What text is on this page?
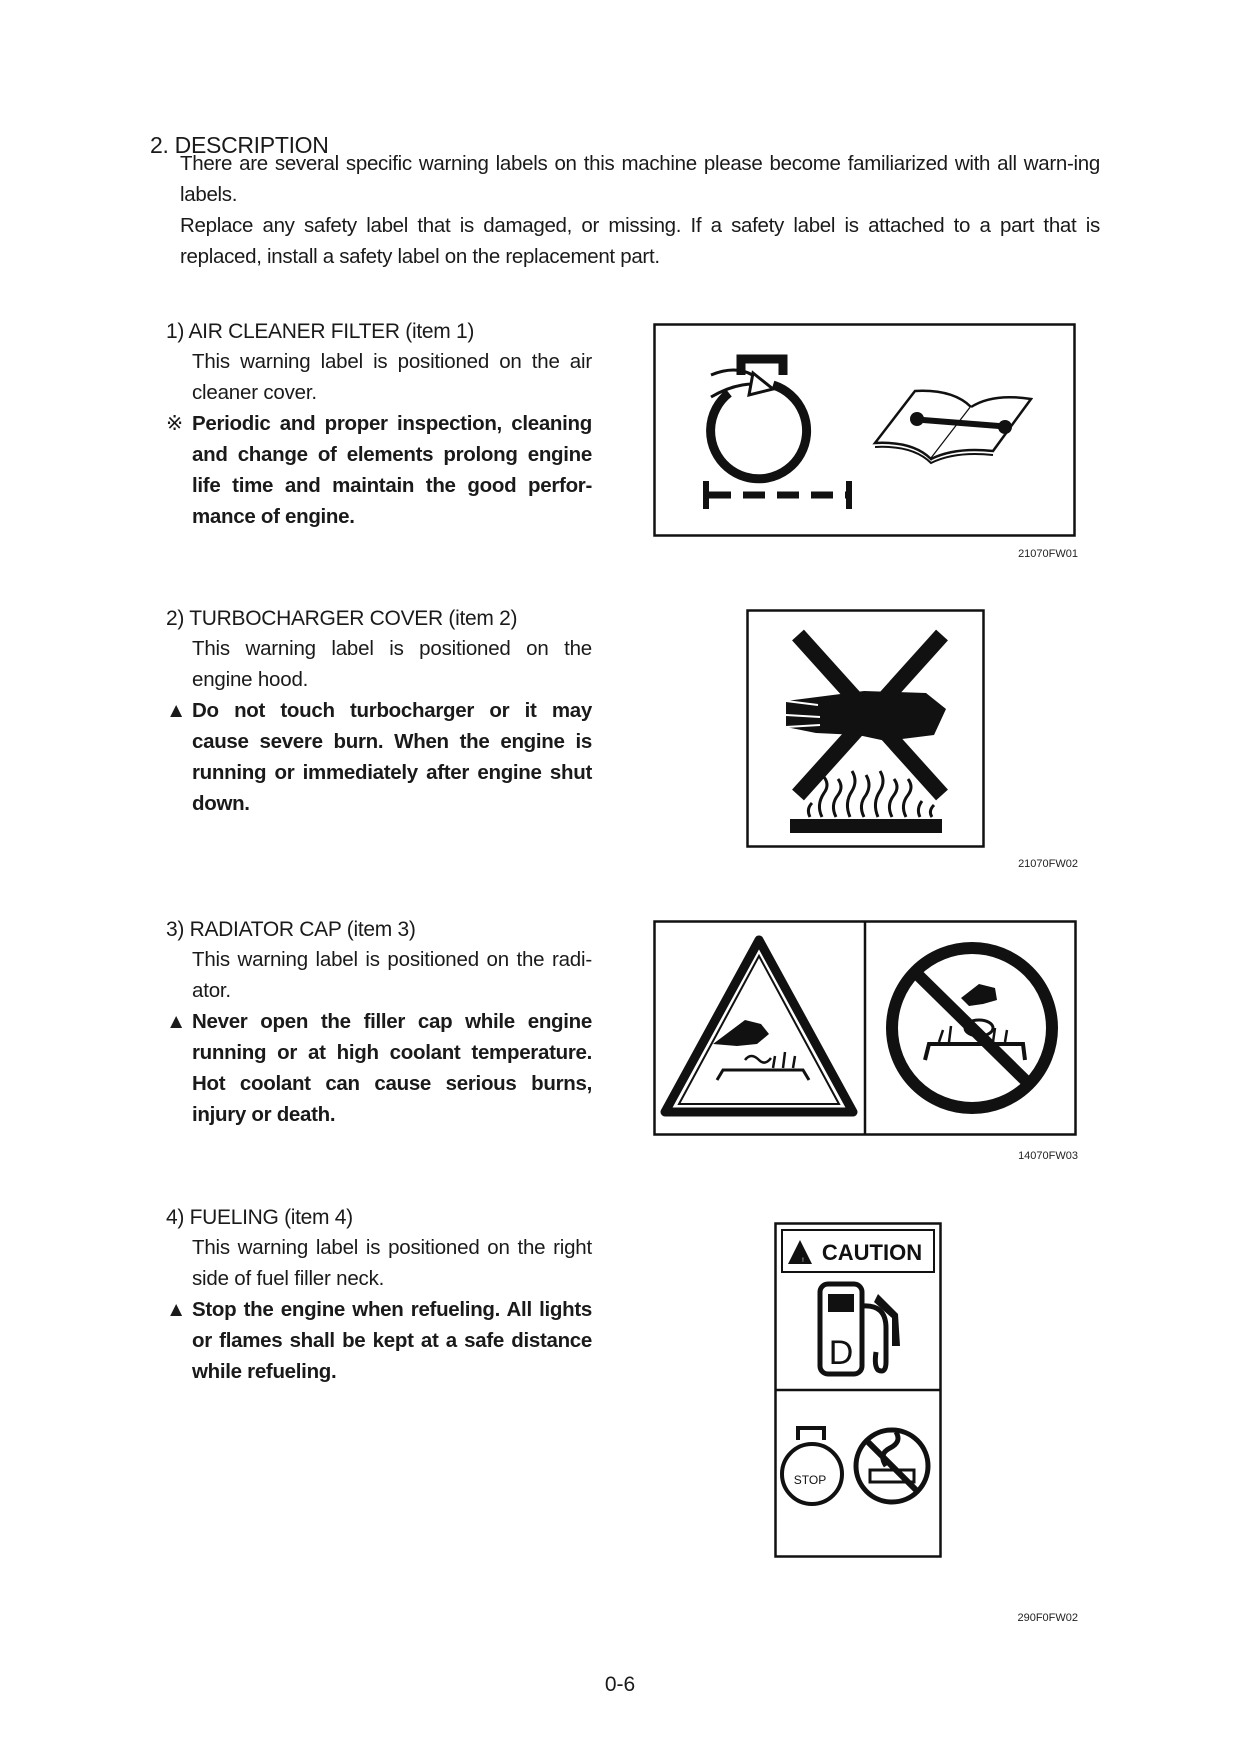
2. DESCRIPTION
There are several specific warning labels on this machine please become familiarized with all warn-ing labels.
Replace any safety label that is damaged, or missing. If a safety label is attached to a part that is replaced, install a safety label on the replacement part.
1) AIR CLEANER FILTER (item 1)
This warning label is positioned on the air cleaner cover.
※ Periodic and proper inspection, cleaning and change of elements prolong engine life time and maintain the good perfor-mance of engine.
21070FW01
2) TURBOCHARGER COVER (item 2)
This warning label is positioned on the engine hood.
▲ Do not touch turbocharger or it may cause severe burn. When the engine is running or immediately after engine shut down.
21070FW02
3) RADIATOR CAP (item 3)
This warning label is positioned on the radi-ator.
▲ Never open the filler cap while engine running or at high coolant temperature. Hot coolant can cause serious burns, injury or death.
14070FW03
4) FUELING (item 4)
This warning label is positioned on the right side of fuel filler neck.
▲ Stop the engine when refueling. All lights or flames shall be kept at a safe distance while refueling.
! CAUTION
D
STOP
290F0FW02
0-6
